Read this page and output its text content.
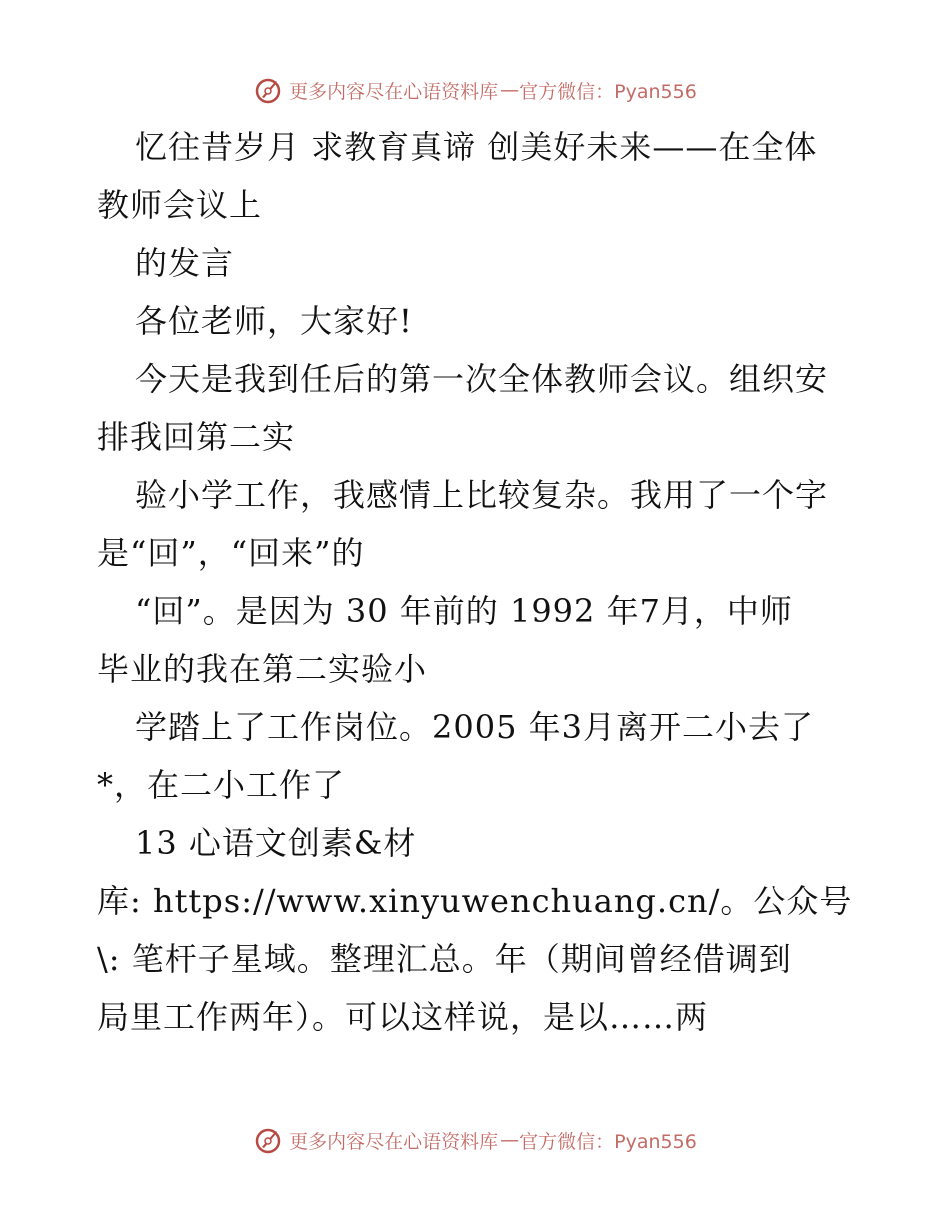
更多内容尽在心语资料库 — 官方微信：Pyan556
忆往昔岁月 求教育真谛 创美好未来——在全体
教师会议上
的发言
各位老师，大家好!
今天是我到任后的第一次全体教师会议。组织安
排我回第二实
验小学工作，我感情上比较复杂。我用了一个字
是“回”，“回来”的
“回”。是因为 30 年前的 1992 年7月，中师
毕业的我在第二实验小
学踏上了工作岗位。2005 年3月离开二小去了
*，在二小工作了
13 心语文创素&材
库: https://www.xinyuwenchuang.cn/。公众号
\: 笔杆子星域。整理汇总。年（期间曾经借调到
局里工作两年）。可以这样说，是以……两
更多内容尽在心语资料库 — 官方微信：Pyan556
